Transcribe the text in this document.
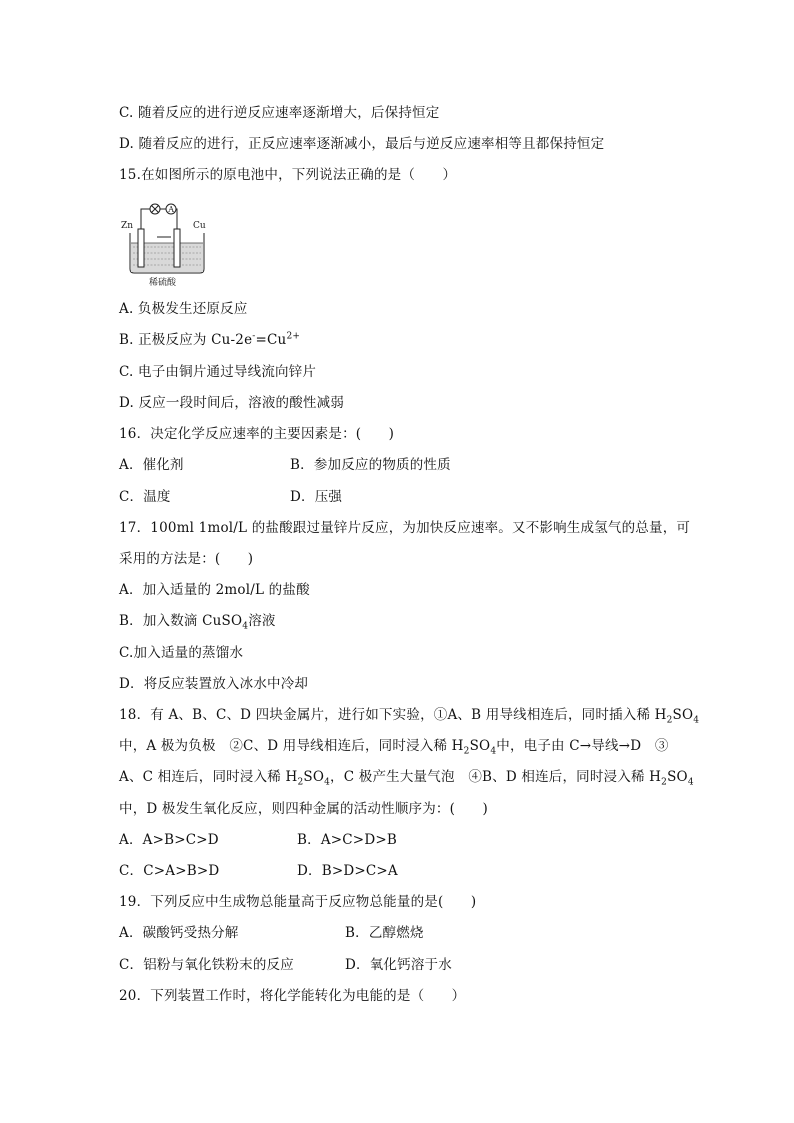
C. 随着反应的进行逆反应速率逐渐增大，后保持恒定
D. 随着反应的进行，正反应速率逐渐减小，最后与逆反应速率相等且都保持恒定
15.在如图所示的原电池中，下列说法正确的是（　　）
A
Zn	Cu
稀硫酸
A. 负极发生还原反应
B. 正极反应为 $Cu-2e^-=Cu^{2+}$
C. 电子由铜片通过导线流向锌片
D. 反应一段时间后，溶液的酸性减弱
16．决定化学反应速率的主要因素是：(　　)
A．催化剂	B．参加反应的物质的性质
C．温度	D．压强
17．100ml 1mol/L 的盐酸跟过量锌片反应，为加快反应速率。又不影响生成氢气的总量，可
采用的方法是：(　　)
A．加入适量的 2mol/L 的盐酸
B．加入数滴 CuSO$_4$溶液
C.加入适量的蒸馏水
D．将反应装置放入冰水中冷却
18．有 A、B、C、D 四块金属片，进行如下实验，①A、B 用导线相连后，同时插入稀 $H_2SO_4$
中，A 极为负极　②C、D 用导线相连后，同时浸入稀 $H_2SO_4$中，电子由 C→导线→D　③
A、C 相连后，同时浸入稀 $H_2SO_4$，C 极产生大量气泡　④B、D 相连后，同时浸入稀 $H_2SO_4$
中，D 极发生氧化反应，则四种金属的活动性顺序为：(　　)
A．A>B>C>D	B．A>C>D>B
C．C>A>B>D	D．B>D>C>A
19．下列反应中生成物总能量高于反应物总能量的是(　　)
A．碳酸钙受热分解	B．乙醇燃烧
C．铝粉与氧化铁粉末的反应	D．氧化钙溶于水
20．下列装置工作时，将化学能转化为电能的是（　　）
